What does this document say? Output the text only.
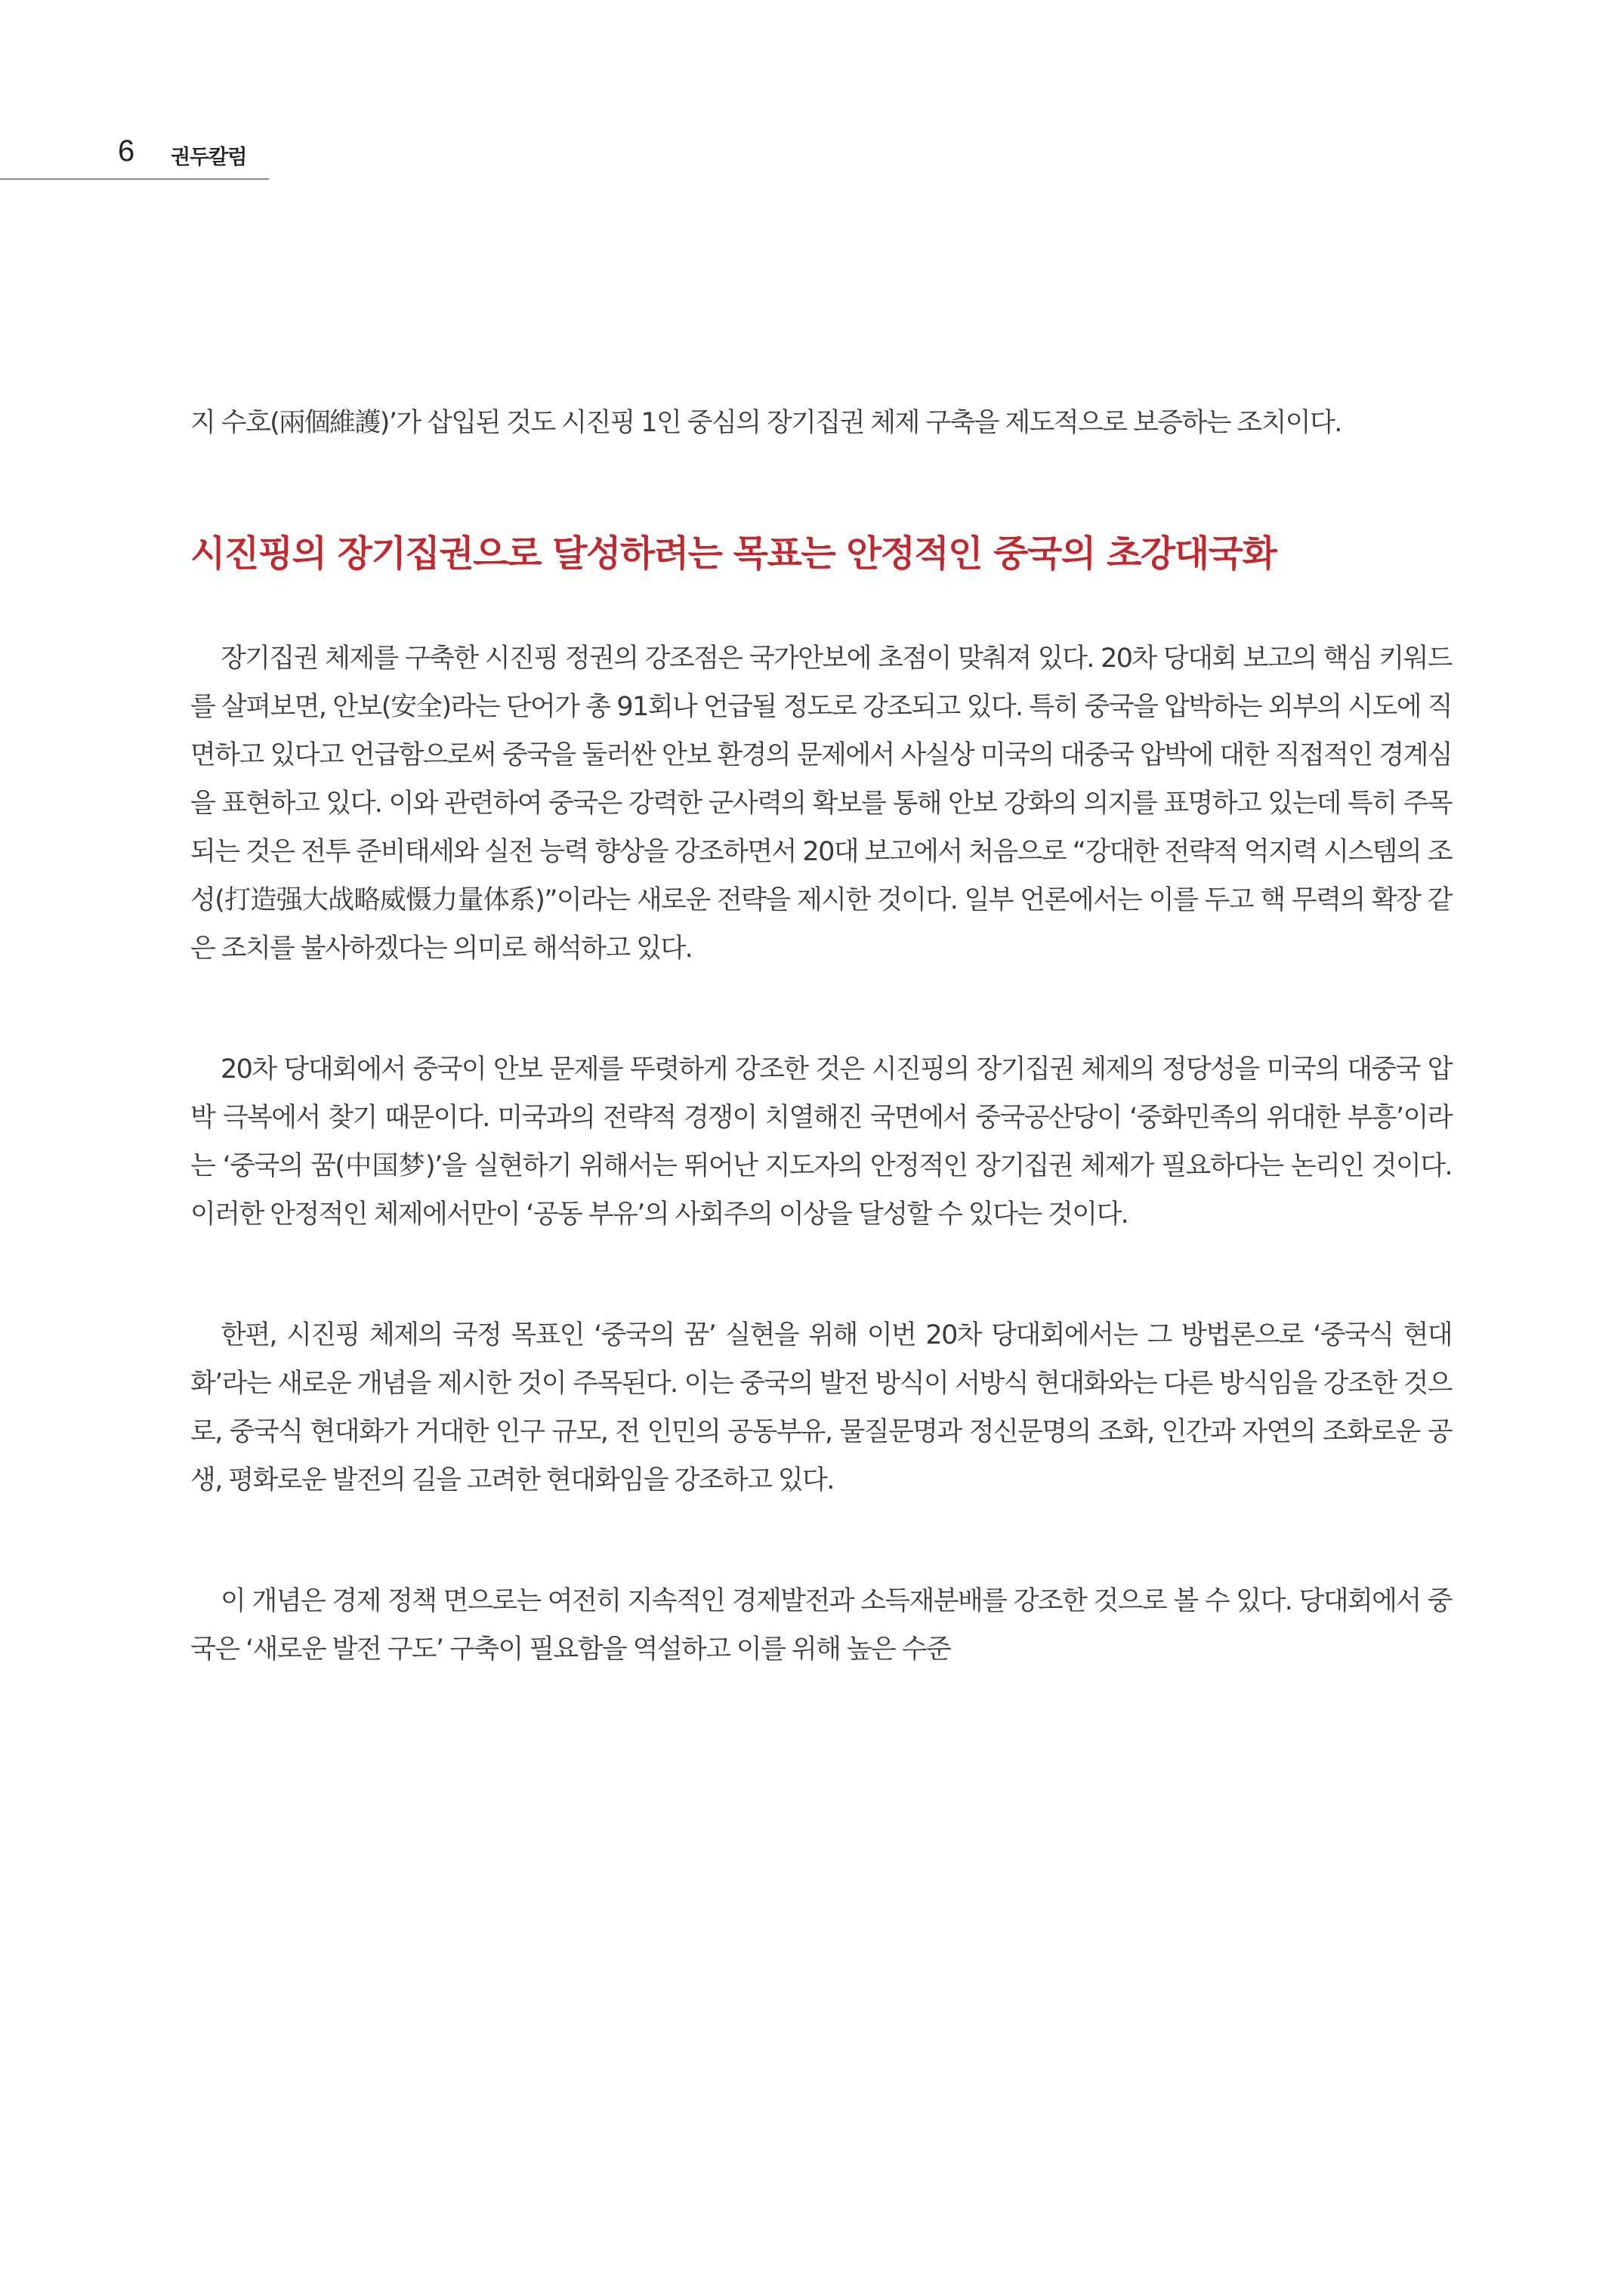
6 권두칼럼

지 수호(兩個維護)’가 삽입된 것도 시진핑 1인 중심의 장기집권 체제 구축을 제도적으로 보증하는 조치이다.

시진핑의 장기집권으로 달성하려는 목표는 안정적인 중국의 초강대국화

장기집권 체제를 구축한 시진핑 정권의 강조점은 국가안보에 초점이 맞춰져 있다. 20차 당대회 보고의 핵심 키워드를 살펴보면, 안보(安全)라는 단어가 총 91회나 언급될 정도로 강조되고 있다. 특히 중국을 압박하는 외부의 시도에 직면하고 있다고 언급함으로써 중국을 둘러싼 안보 환경의 문제에서 사실상 미국의 대중국 압박에 대한 직접적인 경계심을 표현하고 있다. 이와 관련하여 중국은 강력한 군사력의 확보를 통해 안보 강화의 의지를 표명하고 있는데 특히 주목되는 것은 전투 준비태세와 실전 능력 향상을 강조하면서 20대 보고에서 처음으로 “강대한 전략적 억지력 시스템의 조성(打造强大战略威慑力量体系)”이라는 새로운 전략을 제시한 것이다. 일부 언론에서는 이를 두고 핵 무력의 확장 같은 조치를 불사하겠다는 의미로 해석하고 있다.

20차 당대회에서 중국이 안보 문제를 뚜렷하게 강조한 것은 시진핑의 장기집권 체제의 정당성을 미국의 대중국 압박 극복에서 찾기 때문이다. 미국과의 전략적 경쟁이 치열해진 국면에서 중국공산당이 ‘중화민족의 위대한 부흥’이라는 ‘중국의 꿈(中国梦)’을 실현하기 위해서는 뛰어난 지도자의 안정적인 장기집권 체제가 필요하다는 논리인 것이다. 이러한 안정적인 체제에서만이 ‘공동 부유’의 사회주의 이상을 달성할 수 있다는 것이다.

한편, 시진핑 체제의 국정 목표인 ‘중국의 꿈’ 실현을 위해 이번 20차 당대회에서는 그 방법론으로 ‘중국식 현대화’라는 새로운 개념을 제시한 것이 주목된다. 이는 중국의 발전 방식이 서방식 현대화와는 다른 방식임을 강조한 것으로, 중국식 현대화가 거대한 인구 규모, 전 인민의 공동부유, 물질문명과 정신문명의 조화, 인간과 자연의 조화로운 공생, 평화로운 발전의 길을 고려한 현대화임을 강조하고 있다.

이 개념은 경제 정책 면으로는 여전히 지속적인 경제발전과 소득재분배를 강조한 것으로 볼 수 있다. 당대회에서 중국은 ‘새로운 발전 구도’ 구축이 필요함을 역설하고 이를 위해 높은 수준
